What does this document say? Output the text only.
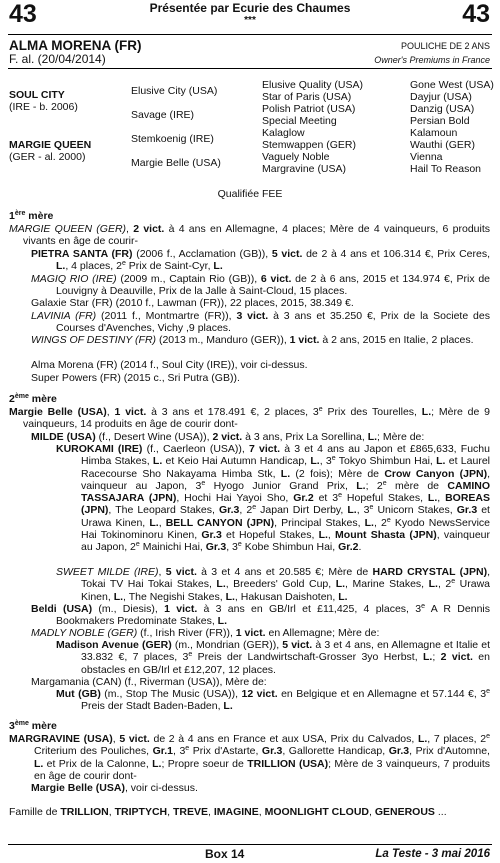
43	43
Présentée par Ecurie des Chaumes
***
ALMA MORENA (FR)
F. al. (20/04/2014)
POULICHE DE 2 ANS
Owner's Premiums in France
SOUL CITY
(IRE - b. 2006)
MARGIE QUEEN
(GER - al. 2000)
Elusive City (USA)
Savage (IRE)
Stemkoenig (IRE)
Margie Belle (USA)
Elusive Quality (USA)
Star of Paris (USA)
Polish Patriot (USA)
Special Meeting
Kalaglow
Stemwappen (GER)
Vaguely Noble
Margravine (USA)
Gone West (USA)
Dayjur (USA)
Danzig (USA)
Persian Bold
Kalamoun
Wauthi (GER)
Vienna
Hail To Reason
Qualifiée FEE
1ère mère
MARGIE QUEEN (GER), 2 vict. à 4 ans en Allemagne, 4 places; Mère de 4 vainqueurs, 6 produits vivants en âge de courir-
PIETRA SANTA (FR) (2006 f., Acclamation (GB)), 5 vict. de 2 à 4 ans et 106.314 €, Prix Ceres, L., 4 places, 2e Prix de Saint-Cyr, L.
MAGIQ RIO (IRE) (2009 m., Captain Rio (GB)), 6 vict. de 2 à 6 ans, 2015 et 134.974 €, Prix de Louvigny à Deauville, Prix de la Jalle à Saint-Cloud, 15 places.
Galaxie Star (FR) (2010 f., Lawman (FR)), 22 places, 2015, 38.349 €.
LAVINIA (FR) (2011 f., Montmartre (FR)), 3 vict. à 3 ans et 35.250 €, Prix de la Societe des Courses d'Avenches, Vichy ,9 places.
WINGS OF DESTINY (FR) (2013 m., Manduro (GER)), 1 vict. à 2 ans, 2015 en Italie, 2 places.
Alma Morena (FR) (2014 f., Soul City (IRE)), voir ci-dessus.
Super Powers (FR) (2015 c., Sri Putra (GB)).
2ème mère
Margie Belle (USA), 1 vict. à 3 ans et 178.491 €, 2 places, 3e Prix des Tourelles, L.; Mère de 9 vainqueurs, 14 produits en âge de courir dont-
MILDE (USA) (f., Desert Wine (USA)), 2 vict. à 3 ans, Prix La Sorellina, L.; Mère de:
KUROKAMI (IRE) (f., Caerleon (USA)), 7 vict. à 3 et 4 ans au Japon et £865,633, Fuchu Himba Stakes, L. et Keio Hai Autumn Handicap, L., 3e Tokyo Shimbun Hai, L. et Laurel Racecourse Sho Nakayama Himba Stk, L. (2 fois); Mère de Crow Canyon (JPN), vainqueur au Japon, 3e Hyogo Junior Grand Prix, L.; 2e mère de CAMINO TASSAJARA (JPN), Hochi Hai Yayoi Sho, Gr.2 et 3e Hopeful Stakes, L., BOREAS (JPN), The Leopard Stakes, Gr.3, 2e Japan Dirt Derby, L., 3e Unicorn Stakes, Gr.3 et Urawa Kinen, L., BELL CANYON (JPN), Principal Stakes, L., 2e Kyodo NewsService Hai Tokinominoru Kinen, Gr.3 et Hopeful Stakes, L., Mount Shasta (JPN), vainqueur au Japon, 2e Mainichi Hai, Gr.3, 3e Kobe Shimbun Hai, Gr.2.
SWEET MILDE (IRE), 5 vict. à 3 et 4 ans et 20.585 €; Mère de HARD CRYSTAL (JPN), Tokai TV Hai Tokai Stakes, L., Breeders' Gold Cup, L., Marine Stakes, L., 2e Urawa Kinen, L., The Negishi Stakes, L., Hakusan Daishoten, L.
Beldi (USA) (m., Diesis), 1 vict. à 3 ans en GB/Irl et £11,425, 4 places, 3e A R Dennis Bookmakers Predominate Stakes, L.
MADLY NOBLE (GER) (f., Irish River (FR)), 1 vict. en Allemagne; Mère de:
Madison Avenue (GER) (m., Mondrian (GER)), 5 vict. à 3 et 4 ans, en Allemagne et Italie et 33.832 €, 7 places, 3e Preis der Landwirtschaft-Grosser 3yo Herbst, L.; 2 vict. en obstacles en GB/Irl et £12,207, 12 places.
Margamania (CAN) (f., Riverman (USA)), Mère de:
Mut (GB) (m., Stop The Music (USA)), 12 vict. en Belgique et en Allemagne et 57.144 €, 3e Preis der Stadt Baden-Baden, L.
3ème mère
MARGRAVINE (USA), 5 vict. de 2 à 4 ans en France et aux USA, Prix du Calvados, L., 7 places, 2e Criterium des Pouliches, Gr.1, 3e Prix d'Astarte, Gr.3, Gallorette Handicap, Gr.3, Prix d'Automne, L. et Prix de la Calonne, L.; Propre soeur de TRILLION (USA); Mère de 3 vainqueurs, 7 produits en âge de courir dont-
Margie Belle (USA), voir ci-dessus.
Famille de TRILLION, TRIPTYCH, TREVE, IMAGINE, MOONLIGHT CLOUD, GENEROUS ...
Box 14	La Teste - 3 mai 2016
